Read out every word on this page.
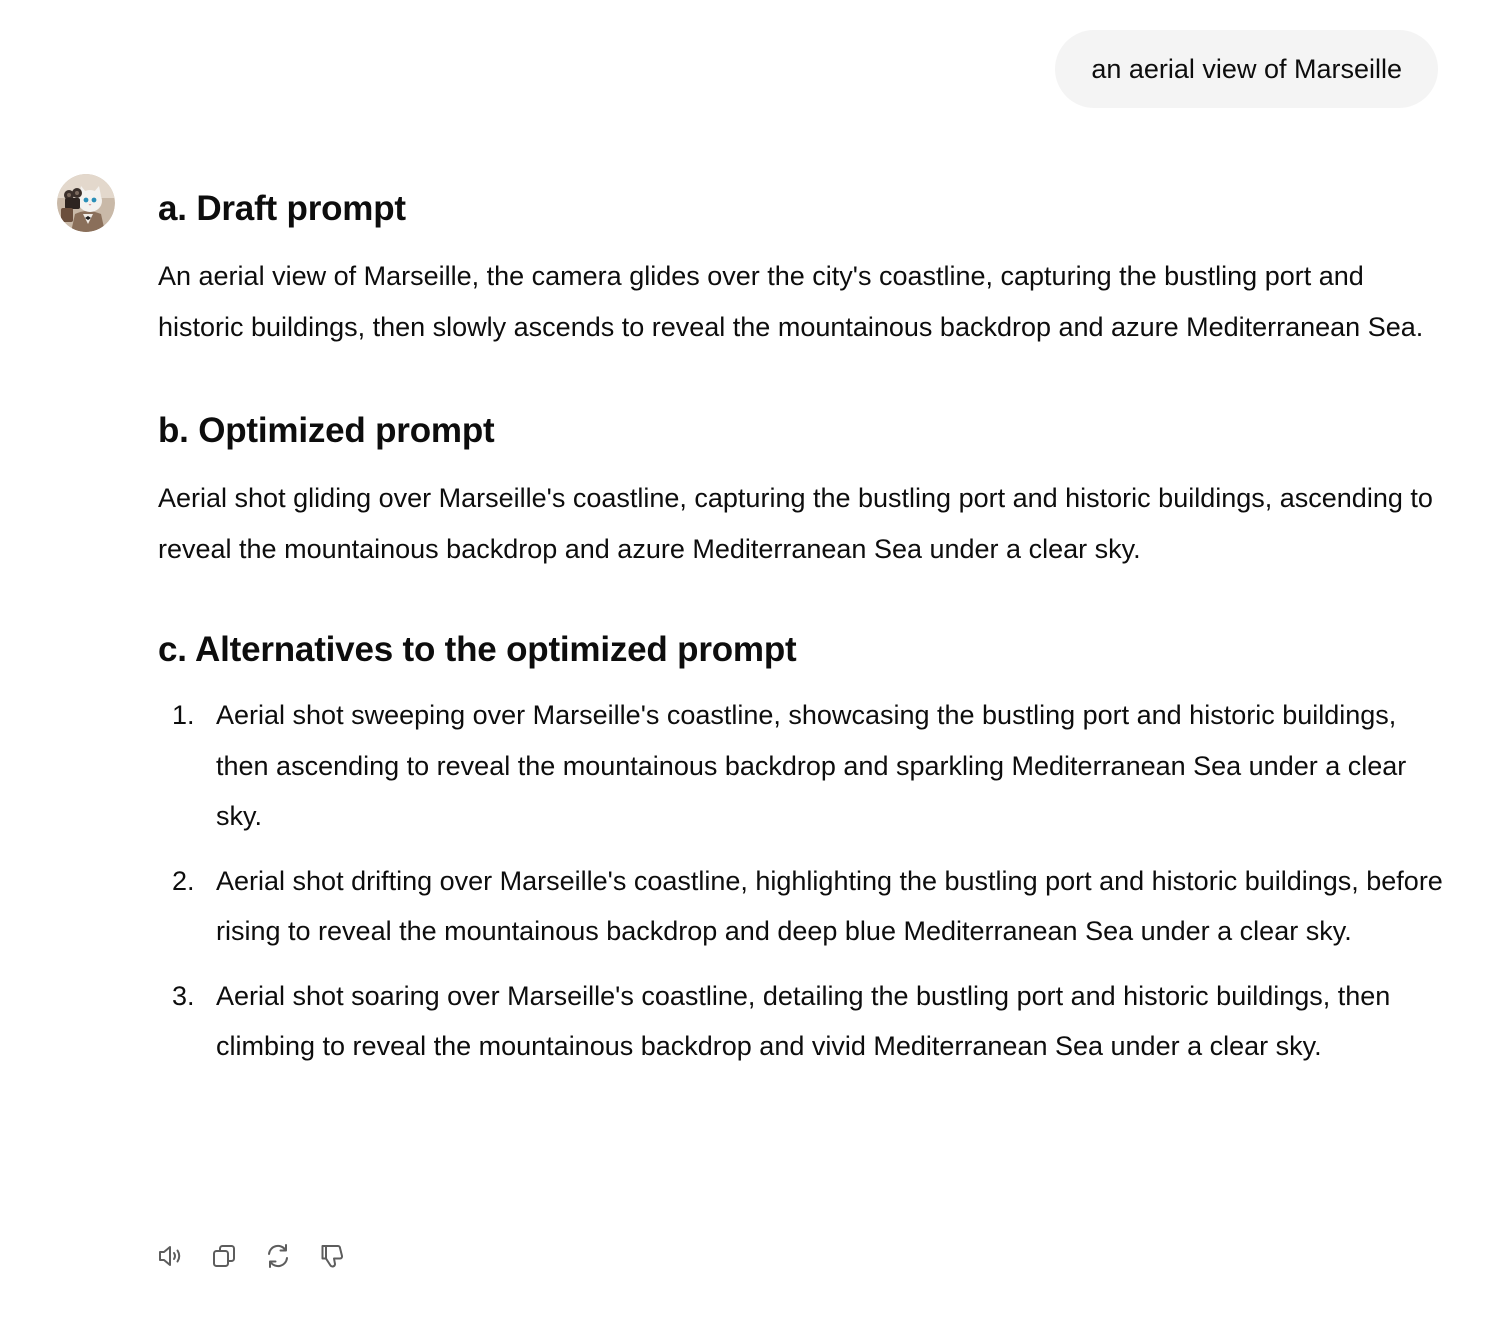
an aerial view of Marseille
a. Draft prompt

An aerial view of Marseille, the camera glides over the city's coastline, capturing the bustling port and historic buildings, then slowly ascends to reveal the mountainous backdrop and azure Mediterranean Sea.

b. Optimized prompt

Aerial shot gliding over Marseille's coastline, capturing the bustling port and historic buildings, ascending to reveal the mountainous backdrop and azure Mediterranean Sea under a clear sky.

c. Alternatives to the optimized prompt
1. Aerial shot sweeping over Marseille's coastline, showcasing the bustling port and historic buildings, then ascending to reveal the mountainous backdrop and sparkling Mediterranean Sea under a clear sky.
2. Aerial shot drifting over Marseille's coastline, highlighting the bustling port and historic buildings, before rising to reveal the mountainous backdrop and deep blue Mediterranean Sea under a clear sky.
3. Aerial shot soaring over Marseille's coastline, detailing the bustling port and historic buildings, then climbing to reveal the mountainous backdrop and vivid Mediterranean Sea under a clear sky.
